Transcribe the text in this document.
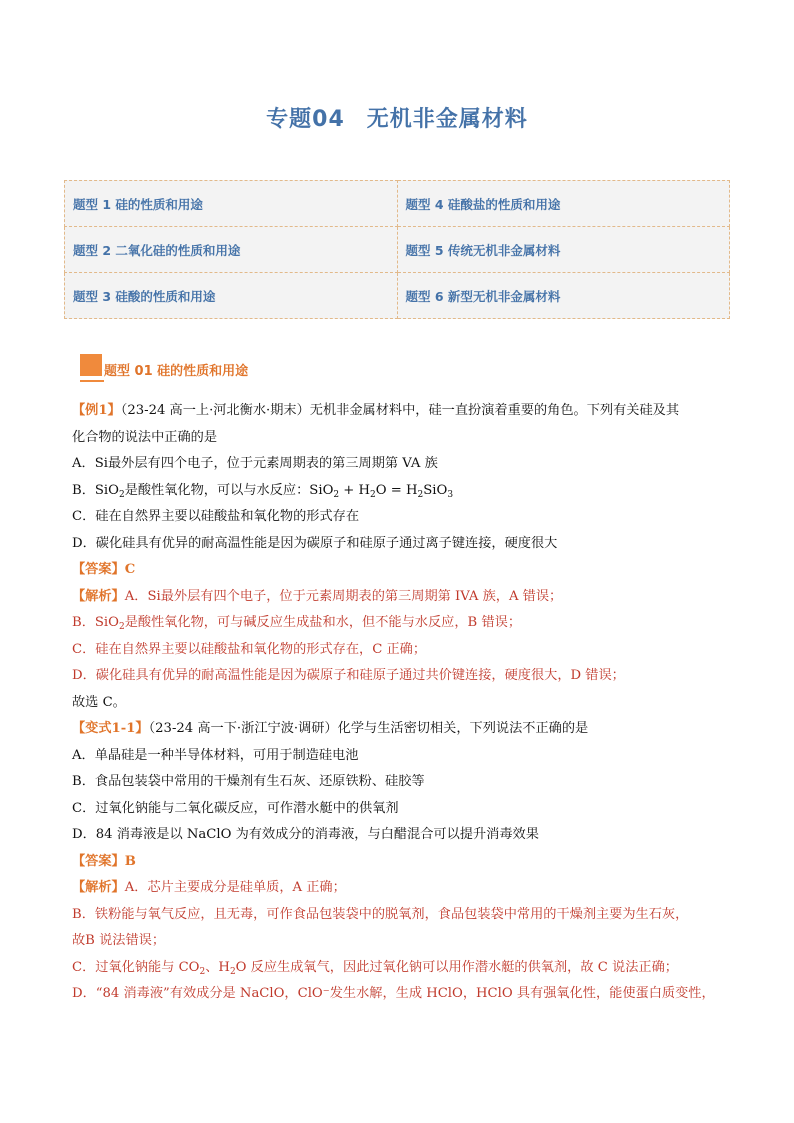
专题04 无机非金属材料
题型 1 硅的性质和用途	题型 4 硅酸盐的性质和用途
题型 2 二氧化硅的性质和用途	题型 5 传统无机非金属材料
题型 3 硅酸的性质和用途	题型 6 新型无机非金属材料
题型 01 硅的性质和用途
【例1】（23-24 高一上·河北衡水·期末）无机非金属材料中，硅一直扮演着重要的角色。下列有关硅及其
化合物的说法中正确的是
A．Si最外层有四个电子，位于元素周期表的第三周期第 VA 族
B．SiO$_2$是酸性氧化物，可以与水反应：$SiO_2 + H_2O = H_2SiO_3$
C．硅在自然界主要以硅酸盐和氧化物的形式存在
D．碳化硅具有优异的耐高温性能是因为碳原子和硅原子通过离子键连接，硬度很大
【答案】C
【解析】A．Si最外层有四个电子，位于元素周期表的第三周期第 IVA 族，A 错误；
B．SiO$_2$是酸性氧化物，可与碱反应生成盐和水，但不能与水反应，B 错误；
C．硅在自然界主要以硅酸盐和氧化物的形式存在，C 正确；
D．碳化硅具有优异的耐高温性能是因为碳原子和硅原子通过共价键连接，硬度很大，D 错误；
故选 C。
【变式1-1】（23-24 高一下·浙江宁波·调研）化学与生活密切相关，下列说法不正确的是
A．单晶硅是一种半导体材料，可用于制造硅电池
B．食品包装袋中常用的干燥剂有生石灰、还原铁粉、硅胶等
C．过氧化钠能与二氧化碳反应，可作潜水艇中的供氧剂
D．84 消毒液是以 NaClO 为有效成分的消毒液，与白醋混合可以提升消毒效果
【答案】B
【解析】A．芯片主要成分是硅单质，A 正确；
B．铁粉能与氧气反应，且无毒，可作食品包装袋中的脱氧剂，食品包装袋中常用的干燥剂主要为生石灰，
故B 说法错误；
C．过氧化钠能与 $CO_2$、$H_2O$ 反应生成氧气，因此过氧化钠可以用作潜水艇的供氧剂，故 C 说法正确；
D．“84 消毒液”有效成分是 NaClO，ClO⁻发生水解，生成 HClO，HClO 具有强氧化性，能使蛋白质变性，
